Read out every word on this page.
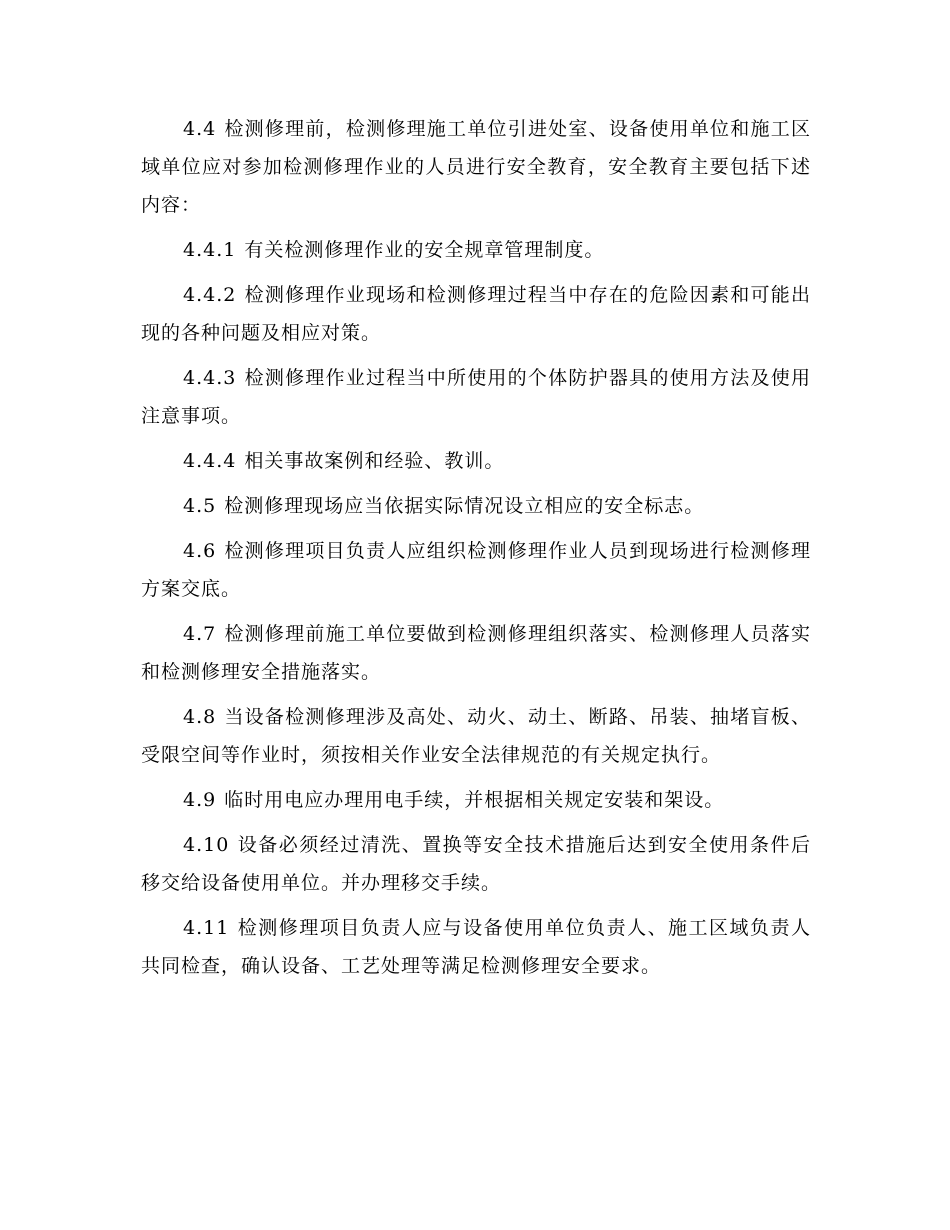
4.4 检测修理前，检测修理施工单位引进处室、设备使用单位和施工区域单位应对参加检测修理作业的人员进行安全教育，安全教育主要包括下述内容：

4.4.1 有关检测修理作业的安全规章管理制度。

4.4.2 检测修理作业现场和检测修理过程当中存在的危险因素和可能出现的各种问题及相应对策。

4.4.3 检测修理作业过程当中所使用的个体防护器具的使用方法及使用注意事项。

4.4.4 相关事故案例和经验、教训。

4.5 检测修理现场应当依据实际情况设立相应的安全标志。

4.6 检测修理项目负责人应组织检测修理作业人员到现场进行检测修理方案交底。

4.7 检测修理前施工单位要做到检测修理组织落实、检测修理人员落实和检测修理安全措施落实。

4.8 当设备检测修理涉及高处、动火、动土、断路、吊装、抽堵盲板、受限空间等作业时，须按相关作业安全法律规范的有关规定执行。

4.9 临时用电应办理用电手续，并根据相关规定安装和架设。

4.10 设备必须经过清洗、置换等安全技术措施后达到安全使用条件后移交给设备使用单位。并办理移交手续。

4.11 检测修理项目负责人应与设备使用单位负责人、施工区域负责人共同检查，确认设备、工艺处理等满足检测修理安全要求。
